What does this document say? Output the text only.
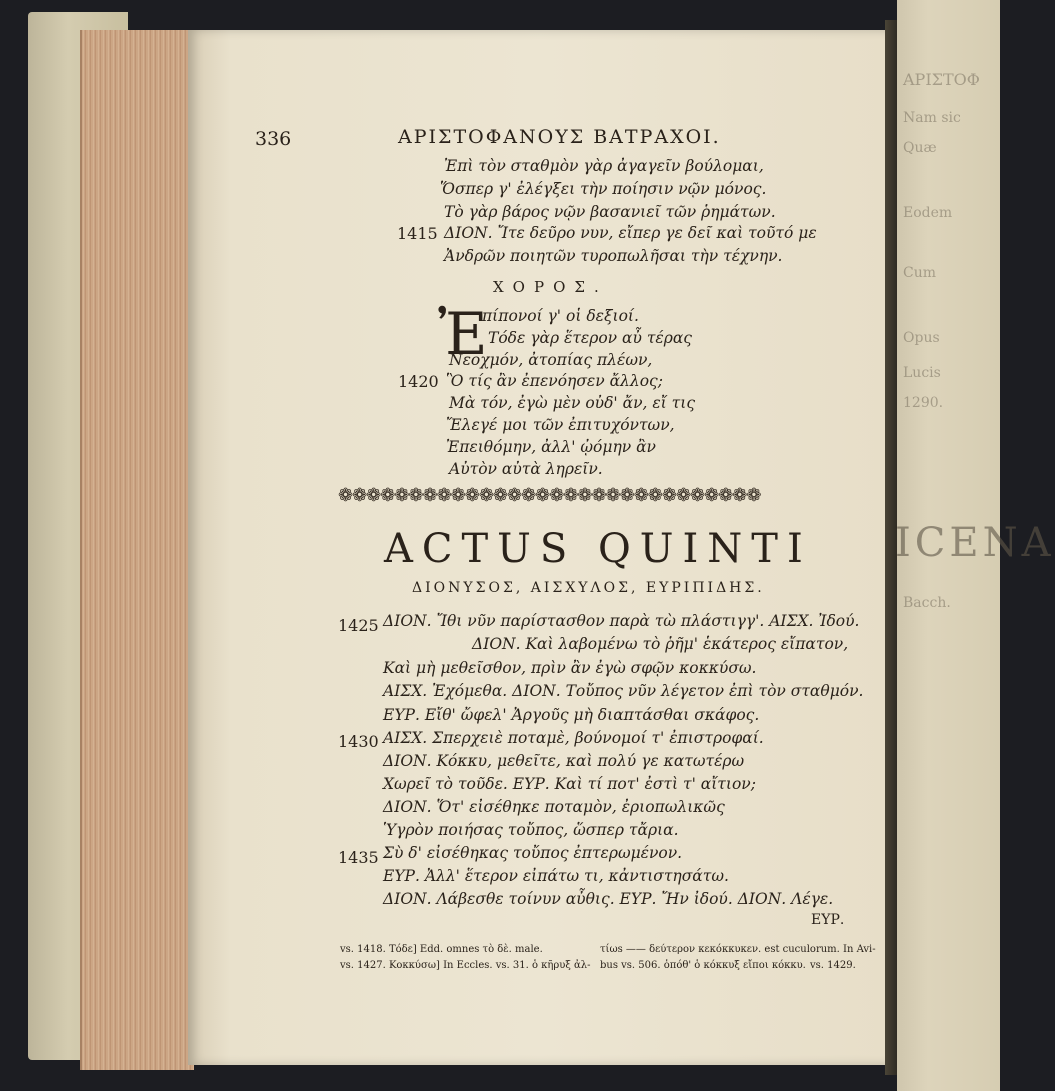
ΑΡΙΣΤΟΦ
Nam sic
Quæ
Eodem
Cum
Opus
Lucis
1290.
ICENA
Bacch.
336	ΑΡΙΣΤΟΦΑΝΟΥΣ ΒΑΤΡΑΧΟΙ.
Ἐπὶ τὸν σταθμὸν γὰρ ἀγαγεῖν βούλομαι,
Ὅσπερ γ' ἐλέγξει τὴν ποίησιν νῷν μόνος.
Τὸ γὰρ βάρος νῷν βασανιεῖ τῶν ῥημάτων.
1415 ΔΙΟΝ. Ἴτε δεῦρο νυν, εἴπερ γε δεῖ καὶ τοῦτό με
Ἀνδρῶν ποιητῶν τυροπωλῆσαι τὴν τέχνην.
ΧΟΡΟΣ.
Ἐ
πίπονοί γ' οἱ δεξιοί.
Τόδε γὰρ ἕτερον αὖ τέρας
Νεοχμόν, ἀτοπίας πλέων,
1420 Ὃ τίς ἂν ἐπενόησεν ἄλλος;
Μὰ τόν, ἐγὼ μὲν οὐδ' ἄν, εἴ τις
Ἔλεγέ μοι τῶν ἐπιτυχόντων,
Ἐπειθόμην, ἀλλ' ᾠόμην ἂν
Αὐτὸν αὐτὰ ληρεῖν.
❁❁❁❁❁❁❁❁❁❁❁❁❁❁❁❁❁❁❁❁❁❁❁❁❁❁❁❁❁❁
ACTUS QUINTI
ΔΙΟΝΥΣΟΣ, ΑΙΣΧΥΛΟΣ, ΕΥΡΙΠΙΔΗΣ.
1425 ΔΙΟΝ. Ἴθι νῦν παρίστασθον παρὰ τὼ πλάστιγγ'. ΑΙΣΧ. Ἰδού.
ΔΙΟΝ. Καὶ λαβομένω τὸ ῥῆμ' ἑκάτερος εἴπατον,
Καὶ μὴ μεθεῖσθον, πρὶν ἂν ἐγὼ σφῷν κοκκύσω.
ΑΙΣΧ. Ἐχόμεθα. ΔΙΟΝ. Τοὔπος νῦν λέγετον ἐπὶ τὸν σταθμόν.
ΕΥΡ. Εἴθ' ὤφελ' Ἀργοῦς μὴ διαπτάσθαι σκάφος.
1430 ΑΙΣΧ. Σπερχειὲ ποταμὲ, βούνομοί τ' ἐπιστροφαί.
ΔΙΟΝ. Κόκκυ, μεθεῖτε, καὶ πολύ γε κατωτέρω
Χωρεῖ τὸ τοῦδε. ΕΥΡ. Καὶ τί ποτ' ἐστὶ τ' αἴτιον;
ΔΙΟΝ. Ὅτ' εἰσέθηκε ποταμὸν, ἐριοπωλικῶς
Ὑγρὸν ποιήσας τοὔπος, ὥσπερ τἄρια.
1435 Σὺ δ' εἰσέθηκας τοὔπος ἐπτερωμένον.
ΕΥΡ. Ἀλλ' ἕτερον εἰπάτω τι, κἀντιστησάτω.
ΔΙΟΝ. Λάβεσθε τοίνυν αὖθις. ΕΥΡ. Ἤν ἰδού. ΔΙΟΝ. Λέγε.
ΕΥΡ.
vs. 1418. Τόδε] Edd. omnes τὸ δὲ. male.
vs. 1427. Κοκκύσω] In Eccles. vs. 31. ὁ κῆρυξ ἀλ-
τίωs —— δεύτερον κεκόκκυκεν. est cuculorum. In Avi-
bus vs. 506. ὁπόθ' ὁ κόκκυξ εἴποι κόκκυ. vs. 1429.
